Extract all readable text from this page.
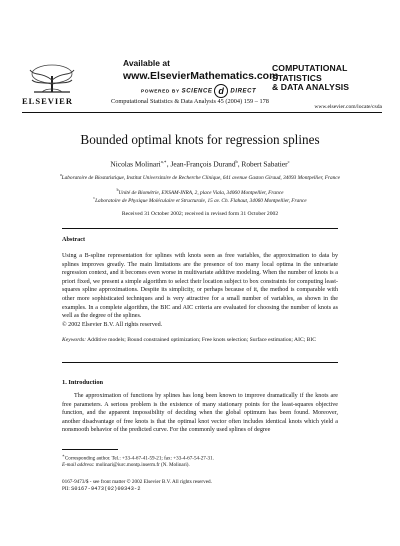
ELSEVIER
Available at
www.ElsevierMathematics.com
POWERED BY SCIENCE d DIRECT
Computational Statistics & Data Analysis 45 (2004) 159 – 178
COMPUTATIONAL
STATISTICS
& DATA ANALYSIS
www.elsevier.com/locate/csda
Bounded optimal knots for regression splines
Nicolas Molinari$^{a,∗}$, Jean-François Durand$^b$, Robert Sabatier$^c$
$^a$Laboratoire de Biostatistique, Institut Universitaire de Recherche Clinique, 641 avenue Gaston Giraud, 34093 Montpellier, France
$^b$Unité de Biométrie, ENSAM-INRA, 2, place Viala, 34060 Montpellier, France
$^c$Laboratoire de Physique Moléculaire et Structurale, 15 av. Ch. Flahaut, 34060 Montpellier, France
Received 31 October 2002; received in revised form 31 October 2002
Abstract
Using a B-spline representation for splines with knots seen as free variables, the approximation to data by splines improves greatly. The main limitations are the presence of too many local optima in the univariate regression context, and it becomes even worse in multivariate additive modeling. When the number of knots is a priori fixed, we present a simple algorithm to select their location subject to box constraints for computing least-squares spline approximations. Despite its simplicity, or perhaps because of it, the method is comparable with other more sophisticated techniques and is very attractive for a small number of variables, as shown in the examples. In a complete algorithm, the BIC and AIC criteria are evaluated for choosing the number of knots as well as the degree of the splines.
© 2002 Elsevier B.V. All rights reserved.
Keywords: Additive models; Bound constrained optimization; Free knots selection; Surface estimation; AIC; BIC
1. Introduction
The approximation of functions by splines has long been known to improve dramatically if the knots are free parameters. A serious problem is the existence of many stationary points for the least-squares objective function, and the apparent impossibility of deciding when the global optimum has been found. Moreover, another disadvantage of free knots is that the optimal knot vector often includes identical knots which yield a nonsmooth behavior of the predicted curve. For the commonly used splines of degree
∗Corresponding author. Tel.: +33-4-67-41-59-21; fax: +33-4-67-54-27-31.
E-mail address: molinari@iurc.montp.inserm.fr (N. Molinari).
0167-9473/$ - see front matter © 2002 Elsevier B.V. All rights reserved.
PII: S0167-9473(02)00343-2
